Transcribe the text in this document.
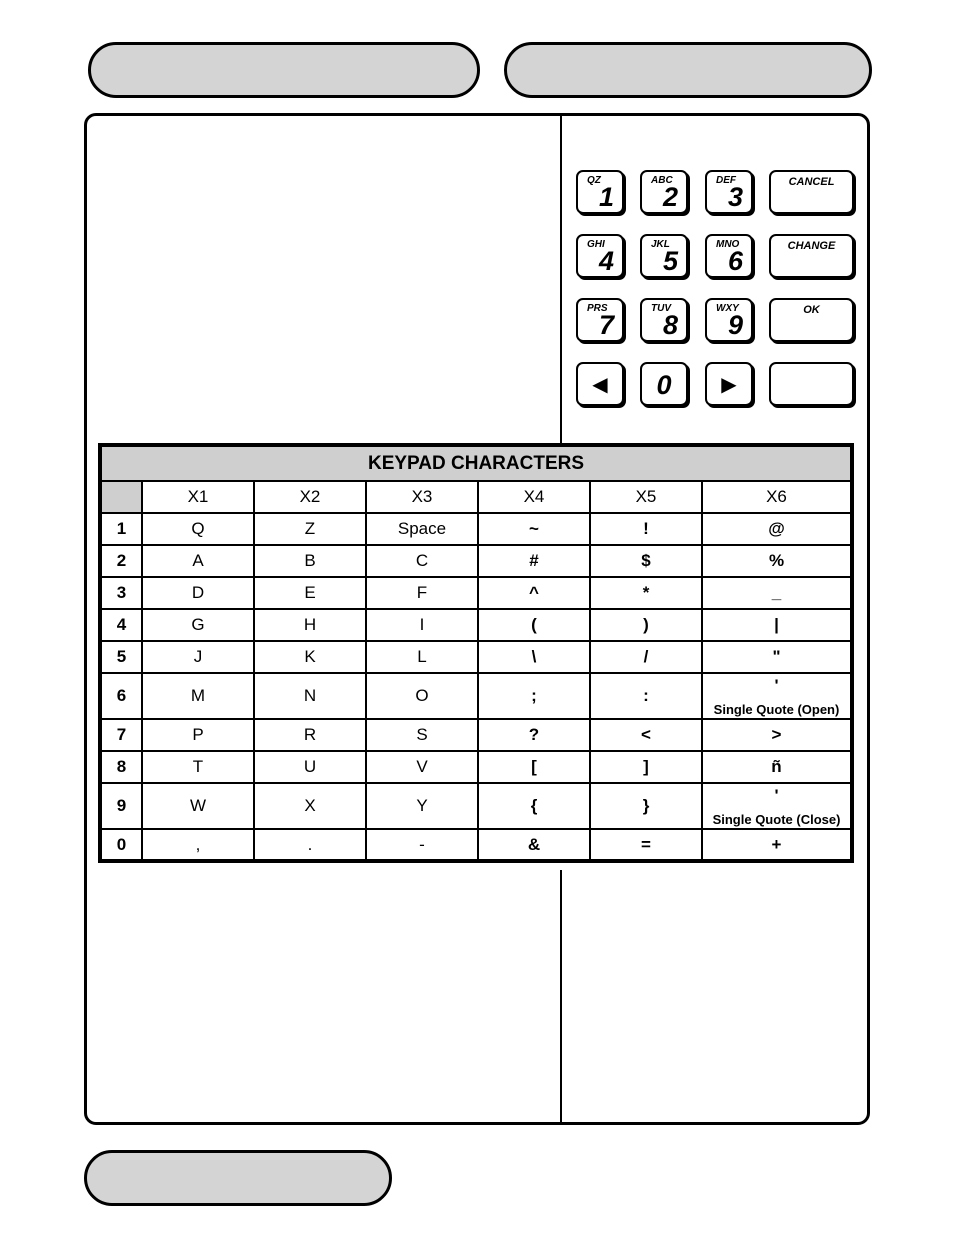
QZ
1
ABC
2
DEF
3	CANCEL
GHI
4
JKL
5
MNO
6	CHANGE
PRS
7
TUV
8
WXY
9	OK
◀	0	▶
KEYPAD CHARACTERS						
	X1	X2	X3	X4	X5	X6
1	Q	Z	Space	~	!	@
2	A	B	C	#	$	%
3	D	E	F	^	*	_
4	G	H	I	(	)	|
5	J	K	L	\	/	"
6	M	N	O	;	:	'
Single Quote (Open)

7	P	R	S	?	<	>
8	T	U	V	[	]	ñ
9	W	X	Y	{	}	'
Single Quote (Close)

0	,	.	-	&	=	+
